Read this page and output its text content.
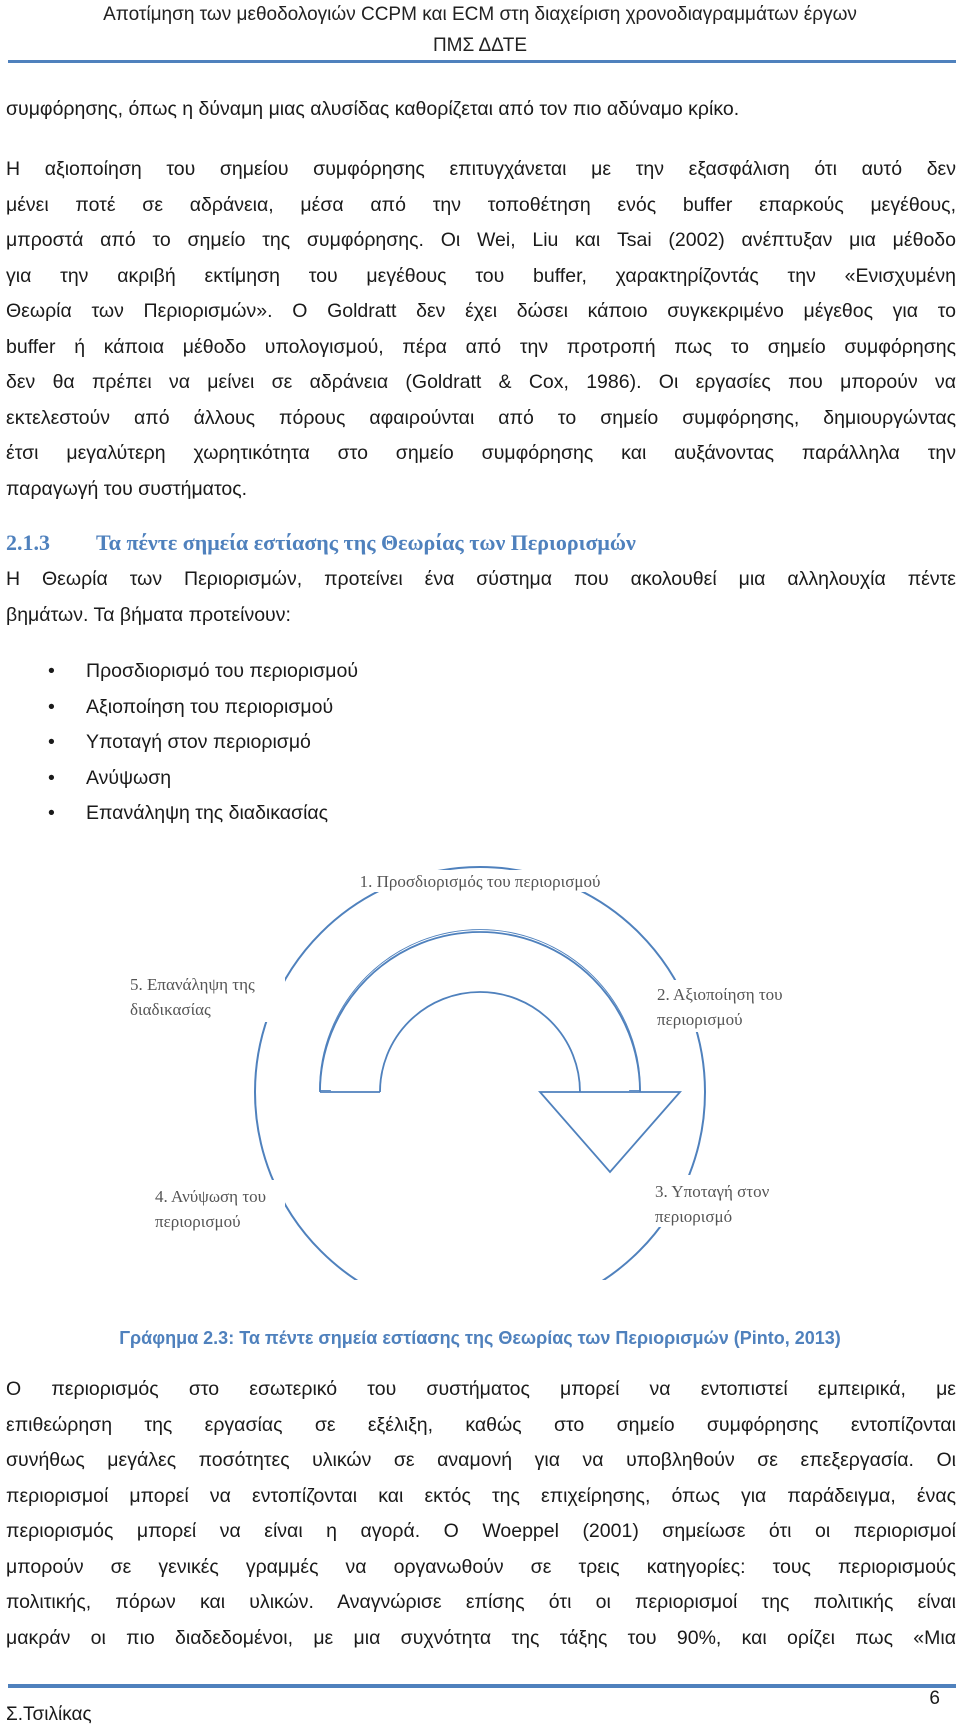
Αποτίμηση των μεθοδολογιών CCPM και ECM στη διαχείριση χρονοδιαγραμμάτων έργων
ΠΜΣ ΔΔΤΕ
συμφόρησης, όπως η δύναμη μιας αλυσίδας καθορίζεται από τον πιο αδύναμο κρίκο.
Η αξιοποίηση του σημείου συμφόρησης επιτυγχάνεται με την εξασφάλιση ότι αυτό δεν
μένει ποτέ σε αδράνεια, μέσα από την τοποθέτηση ενός buffer επαρκούς μεγέθους,
μπροστά από το σημείο της συμφόρησης. Οι Wei, Liu και Tsai (2002) ανέπτυξαν μια μέθοδο
για την ακριβή εκτίμηση του μεγέθους του buffer, χαρακτηρίζοντάς την «Ενισχυμένη
Θεωρία των Περιορισμών». Ο Goldratt δεν έχει δώσει κάποιο συγκεκριμένο μέγεθος για το
buffer ή κάποια μέθοδο υπολογισμού, πέρα από την προτροπή πως το σημείο συμφόρησης
δεν θα πρέπει να μείνει σε αδράνεια (Goldratt & Cox, 1986). Οι εργασίες που μπορούν να
εκτελεστούν από άλλους πόρους αφαιρούνται από το σημείο συμφόρησης, δημιουργώντας
έτσι μεγαλύτερη χωρητικότητα στο σημείο συμφόρησης και αυξάνοντας παράλληλα την
παραγωγή του συστήματος.
2.1.3 Τα πέντε σημεία εστίασης της Θεωρίας των Περιορισμών
Η Θεωρία των Περιορισμών, προτείνει ένα σύστημα που ακολουθεί μια αλληλουχία πέντε
βημάτων. Τα βήματα προτείνουν:
• Προσδιορισμό του περιορισμού
• Αξιοποίηση του περιορισμού
• Υποταγή στον περιορισμό
• Ανύψωση
• Επανάληψη της διαδικασίας
1. Προσδιορισμός του περιορισμού
5. Επανάληψη της
διαδικασίας
2. Αξιοποίηση του
περιορισμού
4. Ανύψωση του
περιορισμού
3. Υποταγή στον
περιορισμό
Γράφημα 2.3: Τα πέντε σημεία εστίασης της Θεωρίας των Περιορισμών (Pinto, 2013)
Ο περιορισμός στο εσωτερικό του συστήματος μπορεί να εντοπιστεί εμπειρικά, με
επιθεώρηση της εργασίας σε εξέλιξη, καθώς στο σημείο συμφόρησης εντοπίζονται
συνήθως μεγάλες ποσότητες υλικών σε αναμονή για να υποβληθούν σε επεξεργασία. Οι
περιορισμοί μπορεί να εντοπίζονται και εκτός της επιχείρησης, όπως για παράδειγμα, ένας
περιορισμός μπορεί να είναι η αγορά. Ο Woeppel (2001) σημείωσε ότι οι περιορισμοί
μπορούν σε γενικές γραμμές να οργανωθούν σε τρεις κατηγορίες: τους περιορισμούς
πολιτικής, πόρων και υλικών. Αναγνώρισε επίσης ότι οι περιορισμοί της πολιτικής είναι
μακράν οι πιο διαδεδομένοι, με μια συχνότητα της τάξης του 90%, και ορίζει πως «Μια
6
Σ.Τσιλίκας
